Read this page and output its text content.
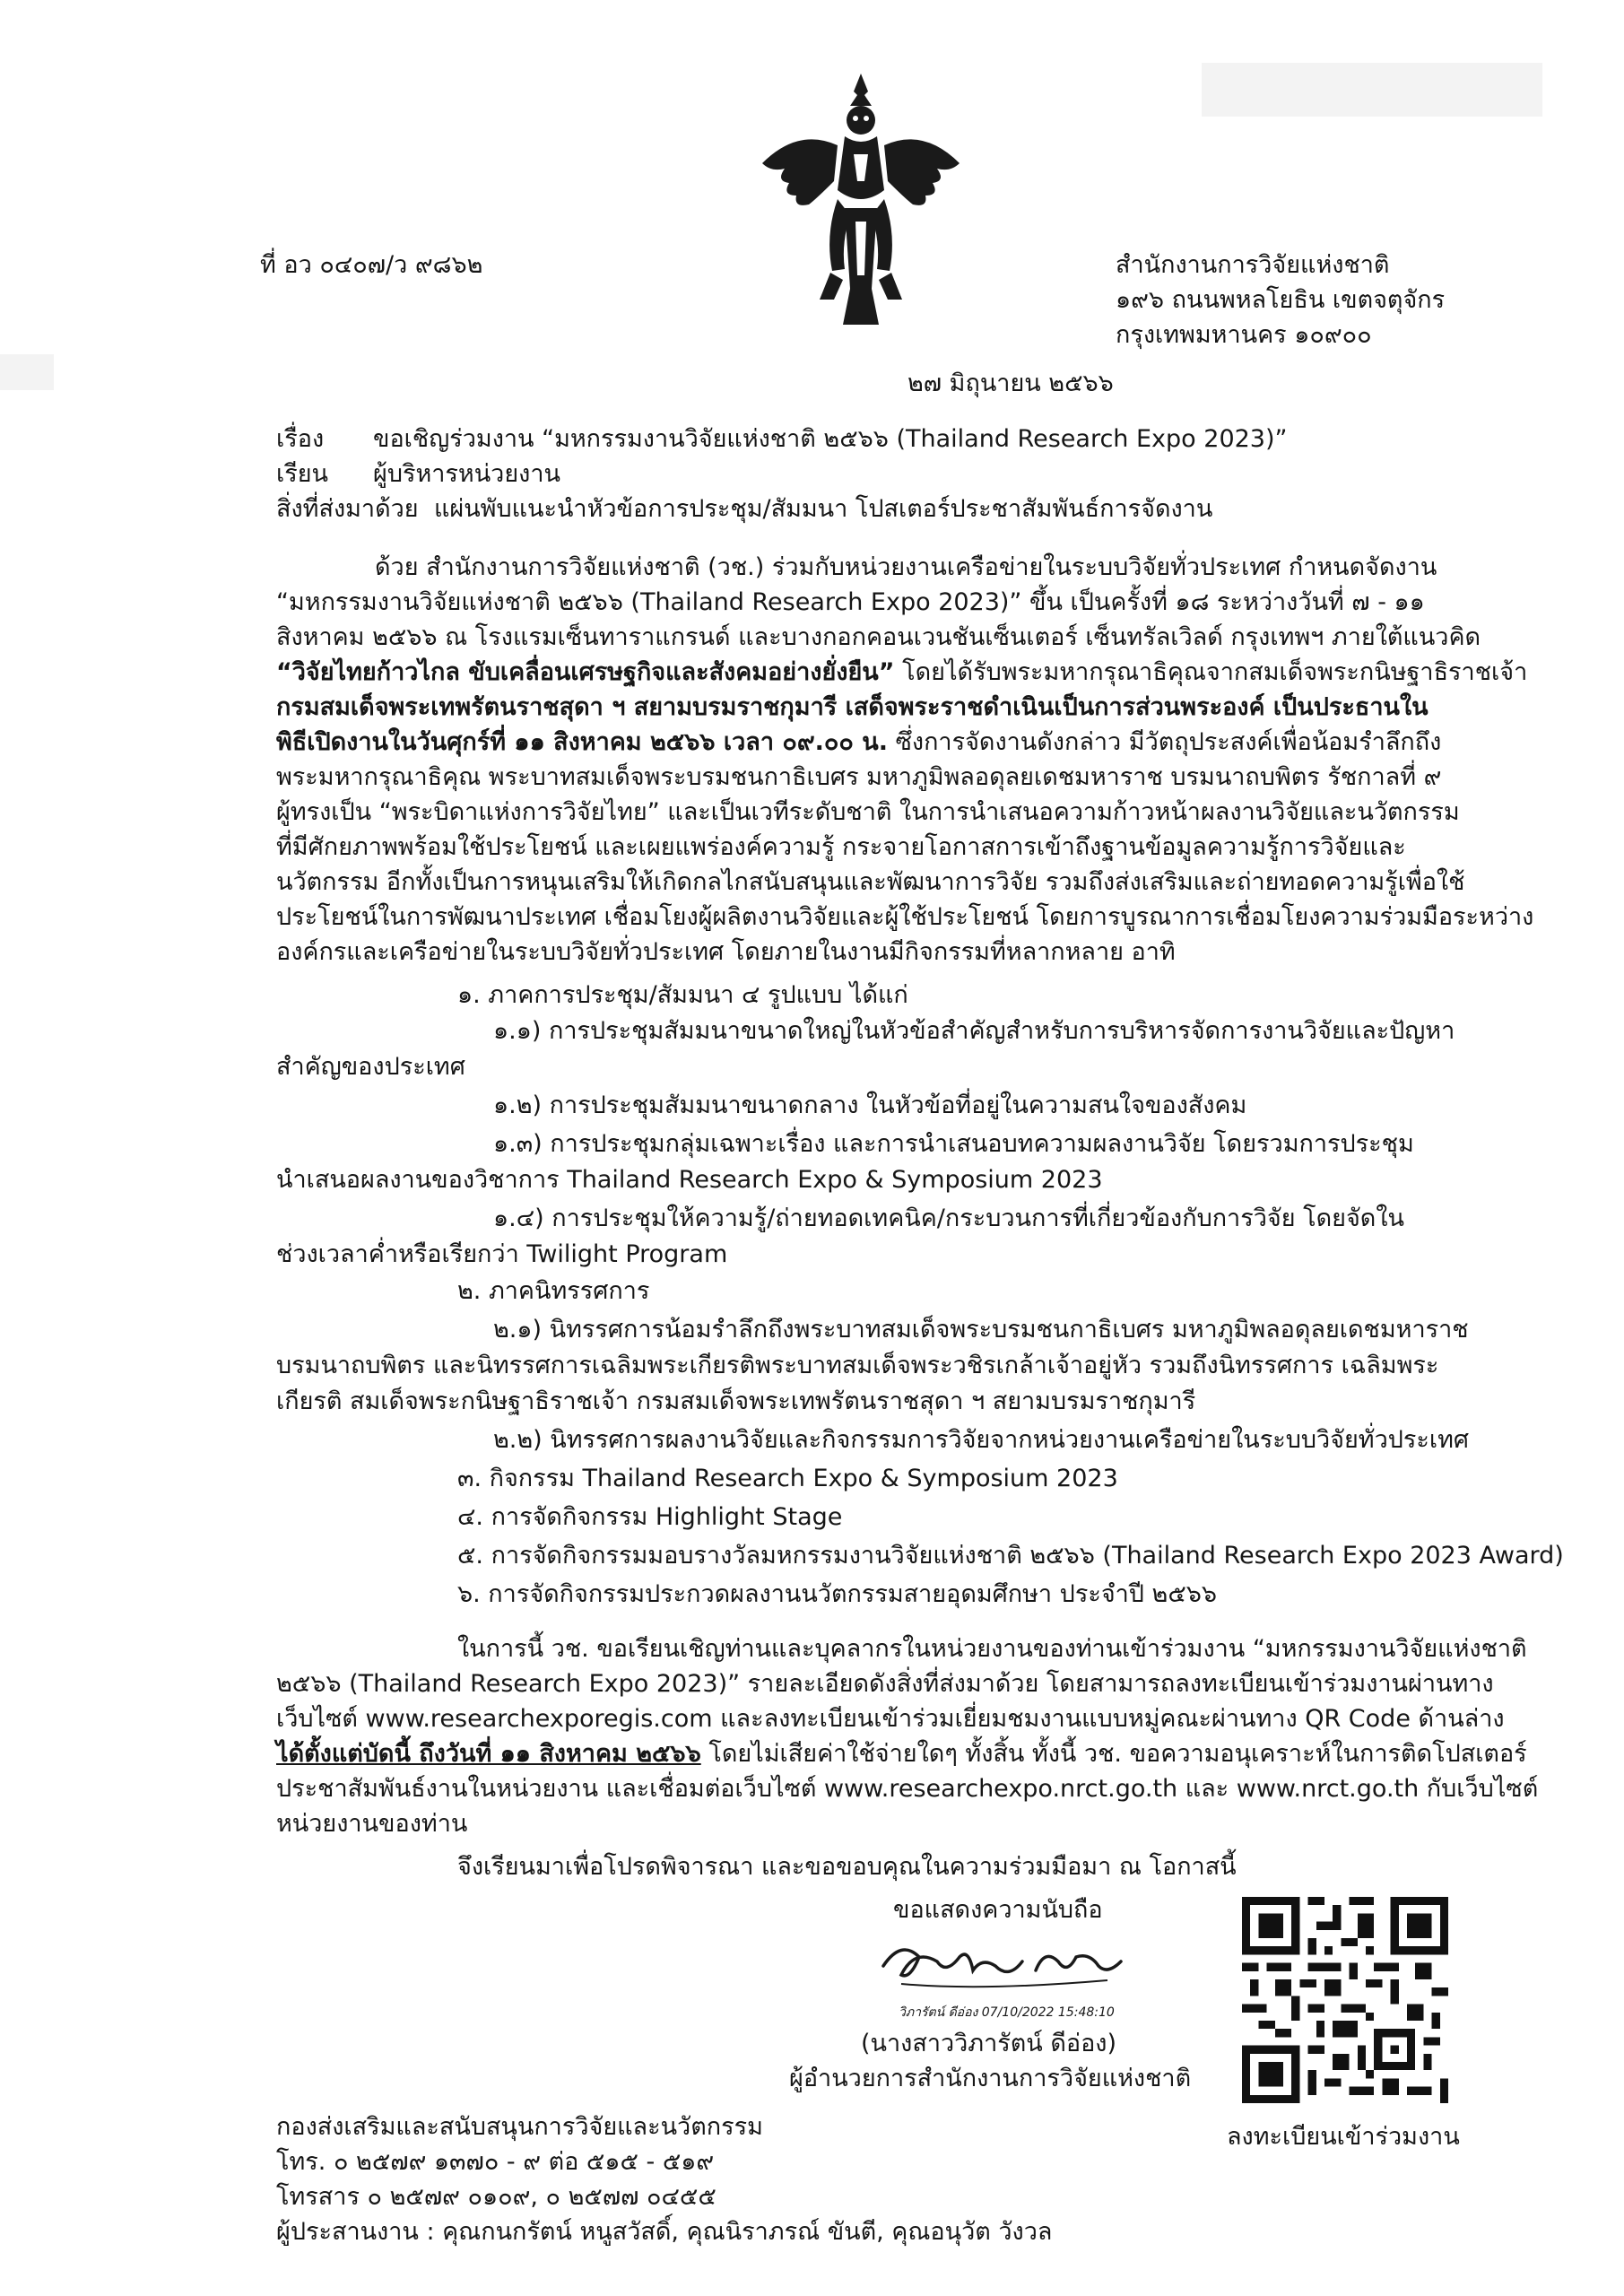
ที่ อว ๐๔๐๗/ว ๙๘๖๒	สำนักงานการวิจัยแห่งชาติ
๑๙๖ ถนนพหลโยธิน เขตจตุจักร
กรุงเทพมหานคร ๑๐๙๐๐
๒๗ มิถุนายน ๒๕๖๖
เรื่อง ขอเชิญร่วมงาน “มหกรรมงานวิจัยแห่งชาติ ๒๕๖๖ (Thailand Research Expo 2023)”
เรียน ผู้บริหารหน่วยงาน
สิ่งที่ส่งมาด้วย แผ่นพับแนะนำหัวข้อการประชุม/สัมมนา โปสเตอร์ประชาสัมพันธ์การจัดงาน
ด้วย สำนักงานการวิจัยแห่งชาติ (วช.) ร่วมกับหน่วยงานเครือข่ายในระบบวิจัยทั่วประเทศ กำหนดจัดงาน
“มหกรรมงานวิจัยแห่งชาติ ๒๕๖๖ (Thailand Research Expo 2023)” ขึ้น เป็นครั้งที่ ๑๘ ระหว่างวันที่ ๗ - ๑๑
สิงหาคม ๒๕๖๖ ณ โรงแรมเซ็นทาราแกรนด์ และบางกอกคอนเวนชันเซ็นเตอร์ เซ็นทรัลเวิลด์ กรุงเทพฯ ภายใต้แนวคิด
“วิจัยไทยก้าวไกล ขับเคลื่อนเศรษฐกิจและสังคมอย่างยั่งยืน” โดยได้รับพระมหากรุณาธิคุณจากสมเด็จพระกนิษฐาธิราชเจ้า
กรมสมเด็จพระเทพรัตนราชสุดา ฯ สยามบรมราชกุมารี เสด็จพระราชดำเนินเป็นการส่วนพระองค์ เป็นประธานใน
พิธีเปิดงานในวันศุกร์ที่ ๑๑ สิงหาคม ๒๕๖๖ เวลา ๐๙.๐๐ น. ซึ่งการจัดงานดังกล่าว มีวัตถุประสงค์เพื่อน้อมรำลึกถึง
พระมหากรุณาธิคุณ พระบาทสมเด็จพระบรมชนกาธิเบศร มหาภูมิพลอดุลยเดชมหาราช บรมนาถบพิตร รัชกาลที่ ๙
ผู้ทรงเป็น “พระบิดาแห่งการวิจัยไทย” และเป็นเวทีระดับชาติ ในการนำเสนอความก้าวหน้าผลงานวิจัยและนวัตกรรม
ที่มีศักยภาพพร้อมใช้ประโยชน์ และเผยแพร่องค์ความรู้ กระจายโอกาสการเข้าถึงฐานข้อมูลความรู้การวิจัยและ
นวัตกรรม อีกทั้งเป็นการหนุนเสริมให้เกิดกลไกสนับสนุนและพัฒนาการวิจัย รวมถึงส่งเสริมและถ่ายทอดความรู้เพื่อใช้
ประโยชน์ในการพัฒนาประเทศ เชื่อมโยงผู้ผลิตงานวิจัยและผู้ใช้ประโยชน์ โดยการบูรณาการเชื่อมโยงความร่วมมือระหว่าง
องค์กรและเครือข่ายในระบบวิจัยทั่วประเทศ โดยภายในงานมีกิจกรรมที่หลากหลาย อาทิ
๑. ภาคการประชุม/สัมมนา ๔ รูปแบบ ได้แก่
๑.๑) การประชุมสัมมนาขนาดใหญ่ในหัวข้อสำคัญสำหรับการบริหารจัดการงานวิจัยและปัญหา
สำคัญของประเทศ
๑.๒) การประชุมสัมมนาขนาดกลาง ในหัวข้อที่อยู่ในความสนใจของสังคม
๑.๓) การประชุมกลุ่มเฉพาะเรื่อง และการนำเสนอบทความผลงานวิจัย โดยรวมการประชุม
นำเสนอผลงานของวิชาการ Thailand Research Expo & Symposium 2023
๑.๔) การประชุมให้ความรู้/ถ่ายทอดเทคนิค/กระบวนการที่เกี่ยวข้องกับการวิจัย โดยจัดใน
ช่วงเวลาค่ำหรือเรียกว่า Twilight Program
๒. ภาคนิทรรศการ
๒.๑) นิทรรศการน้อมรำลึกถึงพระบาทสมเด็จพระบรมชนกาธิเบศร มหาภูมิพลอดุลยเดชมหาราช
บรมนาถบพิตร และนิทรรศการเฉลิมพระเกียรติพระบาทสมเด็จพระวชิรเกล้าเจ้าอยู่หัว รวมถึงนิทรรศการ เฉลิมพระ
เกียรติ สมเด็จพระกนิษฐาธิราชเจ้า กรมสมเด็จพระเทพรัตนราชสุดา ฯ สยามบรมราชกุมารี
๒.๒) นิทรรศการผลงานวิจัยและกิจกรรมการวิจัยจากหน่วยงานเครือข่ายในระบบวิจัยทั่วประเทศ
๓. กิจกรรม Thailand Research Expo & Symposium 2023
๔. การจัดกิจกรรม Highlight Stage
๕. การจัดกิจกรรมมอบรางวัลมหกรรมงานวิจัยแห่งชาติ ๒๕๖๖ (Thailand Research Expo 2023 Award)
๖. การจัดกิจกรรมประกวดผลงานนวัตกรรมสายอุดมศึกษา ประจำปี ๒๕๖๖
ในการนี้ วช. ขอเรียนเชิญท่านและบุคลากรในหน่วยงานของท่านเข้าร่วมงาน “มหกรรมงานวิจัยแห่งชาติ
๒๕๖๖ (Thailand Research Expo 2023)” รายละเอียดดังสิ่งที่ส่งมาด้วย โดยสามารถลงทะเบียนเข้าร่วมงานผ่านทาง
เว็บไซต์ www.researchexporegis.com และลงทะเบียนเข้าร่วมเยี่ยมชมงานแบบหมู่คณะผ่านทาง QR Code ด้านล่าง
ได้ตั้งแต่บัดนี้ ถึงวันที่ ๑๑ สิงหาคม ๒๕๖๖ โดยไม่เสียค่าใช้จ่ายใดๆ ทั้งสิ้น ทั้งนี้ วช. ขอความอนุเคราะห์ในการติดโปสเตอร์
ประชาสัมพันธ์งานในหน่วยงาน และเชื่อมต่อเว็บไซต์ www.researchexpo.nrct.go.th และ www.nrct.go.th กับเว็บไซต์
หน่วยงานของท่าน
จึงเรียนมาเพื่อโปรดพิจารณา และขอขอบคุณในความร่วมมือมา ณ โอกาสนี้
ขอแสดงความนับถือ
วิภารัตน์ ดีอ่อง 07/10/2022 15:48:10
(นางสาววิภารัตน์ ดีอ่อง)
ผู้อำนวยการสำนักงานการวิจัยแห่งชาติ
กองส่งเสริมและสนับสนุนการวิจัยและนวัตกรรม
โทร. ๐ ๒๕๗๙ ๑๓๗๐ - ๙ ต่อ ๕๑๕ - ๕๑๙
โทรสาร ๐ ๒๕๗๙ ๐๑๐๙, ๐ ๒๕๗๗ ๐๔๕๕
ผู้ประสานงาน : คุณกนกรัตน์ หนูสวัสดิ์, คุณนิราภรณ์ ขันตี, คุณอนุวัต วังวล
ลงทะเบียนเข้าร่วมงาน
